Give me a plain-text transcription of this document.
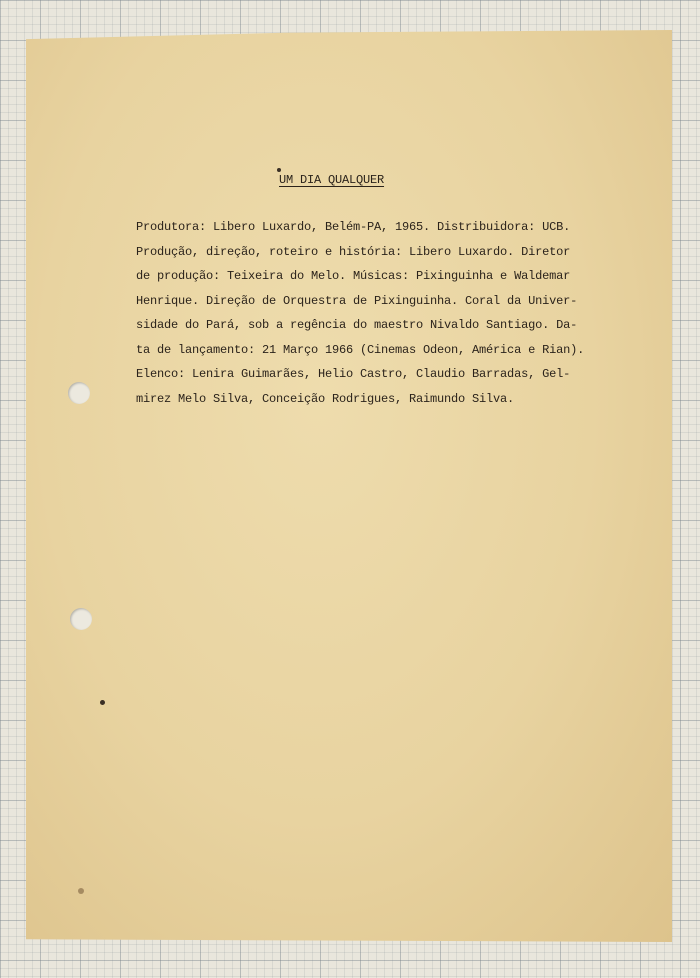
UM DIA QUALQUER
Produtora: Libero Luxardo, Belém-PA, 1965. Distribuidora: UCB.
Produção, direção, roteiro e história: Libero Luxardo. Diretor
de produção: Teixeira do Melo. Músicas: Pixinguinha e Waldemar
Henrique. Direção de Orquestra de Pixinguinha. Coral da Univer-
sidade do Pará, sob a regência do maestro Nivaldo Santiago. Da-
ta de lançamento: 21 Março 1966 (Cinemas Odeon, América e Rian).
Elenco: Lenira Guimarães, Helio Castro, Claudio Barradas, Gel-
mirez Melo Silva, Conceição Rodrigues, Raimundo Silva.
